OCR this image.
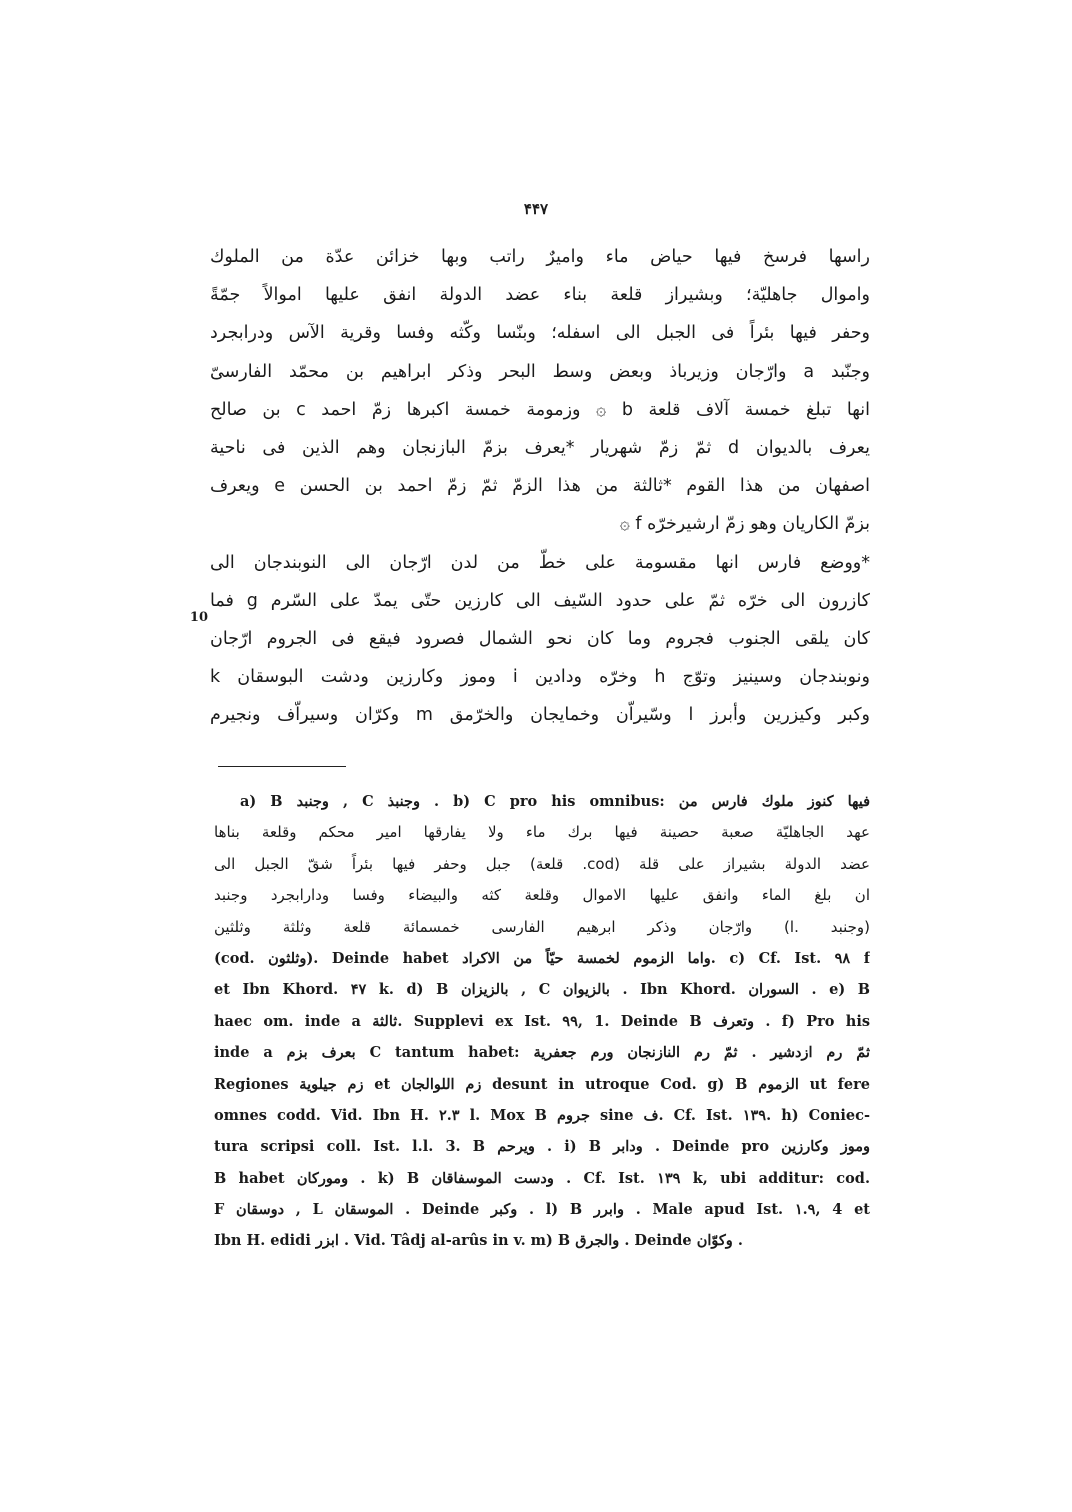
۴۴۷
راسها فرسخ فيها حياض ماء واميرٌ راتب وبها خزائن عدّة من الملوك
واموال جاهليّة؛ وبشيراز قلعة بناء عضد الدولة انفق عليها اموالاً جمّةً
وحفر فيها بئراً فى الجبل الى اسفله؛ وبنّسا وكّثه وفسا وقرية الآس ودرابجرد
وجنّبد a وارّجان وزيرباذ وبعض وسط البحر وذكر ابراهيم بن محمّد الفارسىّ
انها تبلغ خمسة آلاف قلعة b ۞ وزمومة خمسة اكبرها زمّ احمد c بن صالح
يعرف بالديوان d ثمّ زمّ شهريار *يعرف بزمّ البازنجان وهم الذين فى ناحية
اصفهان من هذا القوم *ثالثة من هذا الزمّ ثمّ زمّ احمد بن الحسن e ويعرف
بزمّ الكاريان وهو زمّ ارشيرخرّه f ۞
*ووضع فارس انها مقسومة على خطّ من لدن ارّجان الى النوبندجان الى
كازرون الى خرّه ثمّ على حدود السّيف الى كارزين حتّى يمدّ على السّرم g فما
كان يلقى الجنوب فجروم وما كان نحو الشمال فصرود فيقع فى الجروم ارّجان
ونوبندجان وسينيز وتوّج h وخرّه ودادين i وموز وكارزين ودشت البوسقان k
وكبر وكيزرين وأبرز l وسّيراّن وخمايجان والخرّمق m وكرّان وسيراّف ونجيرم
10
a) B وجنبد , C وجنبذ . b) C pro his omnibus: فيها كنوز ملوك فارس من
عهد الجاهليّة صعبة حصينة فيها برك ماء ولا يفارقها امير محكم وقلعة بناها
عضد الدولة بشيراز على قلة (cod. قلعة) جبل وحفر فيها بئراً شقّ الجبل الى
ان بلغ الماء وانفق عليها الاموال وقلعة كثه والبيضاء وفسا ودارابجرد وجنبد
(وجنبد .l) وارّجان وذكر ابرهيم الفارسى خمسمائة قلعة وثلثة وثلثين
(cod. وثلثون). Deinde habet واما الزموم لخمسة حيّاً من الاكراد. c) Cf. Ist. ۹۸ f
et Ibn Khord. ۴۷ k. d) B بالزيزان , C بالزيوان . Ibn Khord. السوران . e) B
haec om. inde a ثالثة. Supplevi ex Ist. ۹۹, 1. Deinde B وتعرف . f) Pro his
inde a بعرف بزم C tantum habet: ثمّ رم ازدشير . ثمّ رم النازنجان ورم جعفرية
Regiones زم جيلوية et زم اللوالجان desunt in utroque Cod. g) B الزموم ut fere
omnes codd. Vid. Ibn H. ۲.۳ l. Mox B جروم sine ف. Cf. Ist. ۱۳۹. h) Coniec-
tura scripsi coll. Ist. l.l. 3. B ويرحم . i) B ودابر . Deinde pro وموز وكارزين
B habet وموركان . k) B ودست الموسفاقان . Cf. Ist. ۱۳۹ k, ubi additur: cod.
F دوسقان , L الموسقان . Deinde وكبر . l) B وابرر . Male apud Ist. ۱.۹, 4 et
Ibn H. edidi ابزر . Vid. Tâdj al-arûs in v. m) B والجرق . Deinde وكوّان .
